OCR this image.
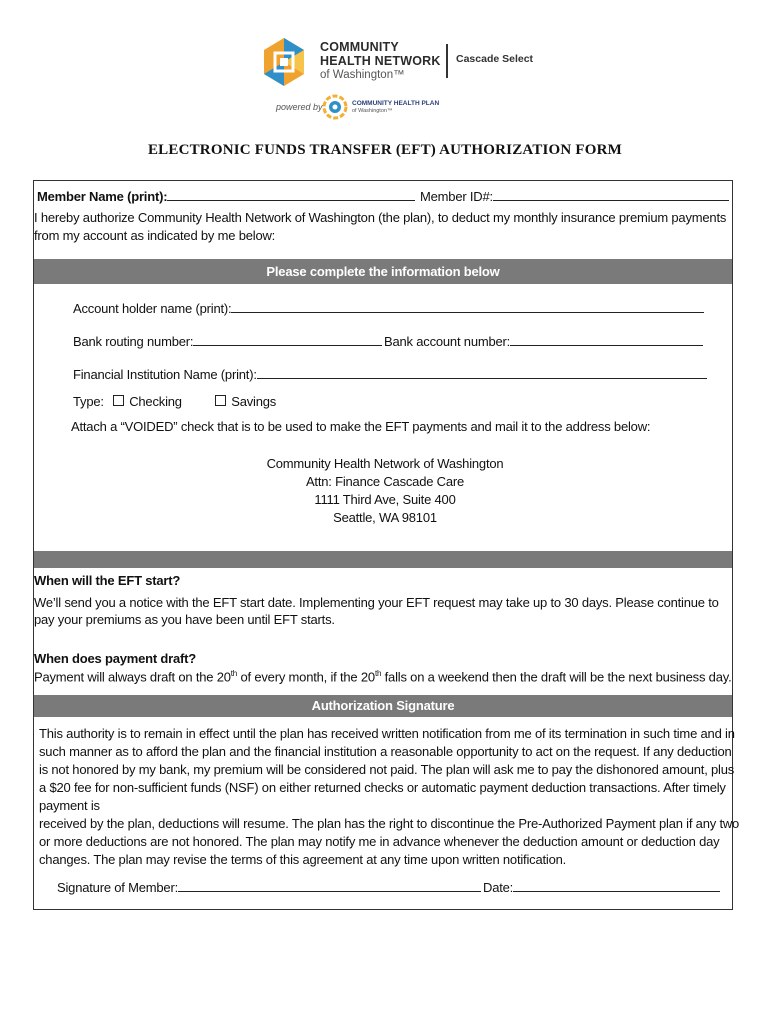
COMMUNITY
HEALTH NETWORK
of Washington™
Cascade Select
powered by	COMMUNITY HEALTH PLAN
of Washington™
ELECTRONIC FUNDS TRANSFER (EFT) AUTHORIZATION FORM
Member Name (print):	Member ID#:
I hereby authorize Community Health Network of Washington (the plan), to deduct my monthly insurance premium payments
from my account as indicated by me below:
Please complete the information below
Account holder name (print):
Bank routing number:	Bank account number:
Financial Institution Name (print):
Type: Checking	Savings
Attach a “VOIDED” check that is to be used to make the EFT payments and mail it to the address below:
Community Health Network of Washington
Attn: Finance Cascade Care
1111 Third Ave, Suite 400
Seattle, WA 98101
When will the EFT start?
We’ll send you a notice with the EFT start date. Implementing your EFT request may take up to 30 days. Please continue to
pay your premiums as you have been until EFT starts.
When does payment draft?
Payment will always draft on the 20th of every month, if the 20th falls on a weekend then the draft will be the next business day.
Authorization Signature
This authority is to remain in effect until the plan has received written notification from me of its termination in such time and in
such manner as to afford the plan and the financial institution a reasonable opportunity to act on the request. If any deduction
is not honored by my bank, my premium will be considered not paid. The plan will ask me to pay the dishonored amount, plus
a $20 fee for non-sufficient funds (NSF) on either returned checks or automatic payment deduction transactions. After timely payment is
received by the plan, deductions will resume. The plan has the right to discontinue the Pre-Authorized Payment plan if any two
or more deductions are not honored. The plan may notify me in advance whenever the deduction amount or deduction day
changes. The plan may revise the terms of this agreement at any time upon written notification.
Signature of Member:	Date:
